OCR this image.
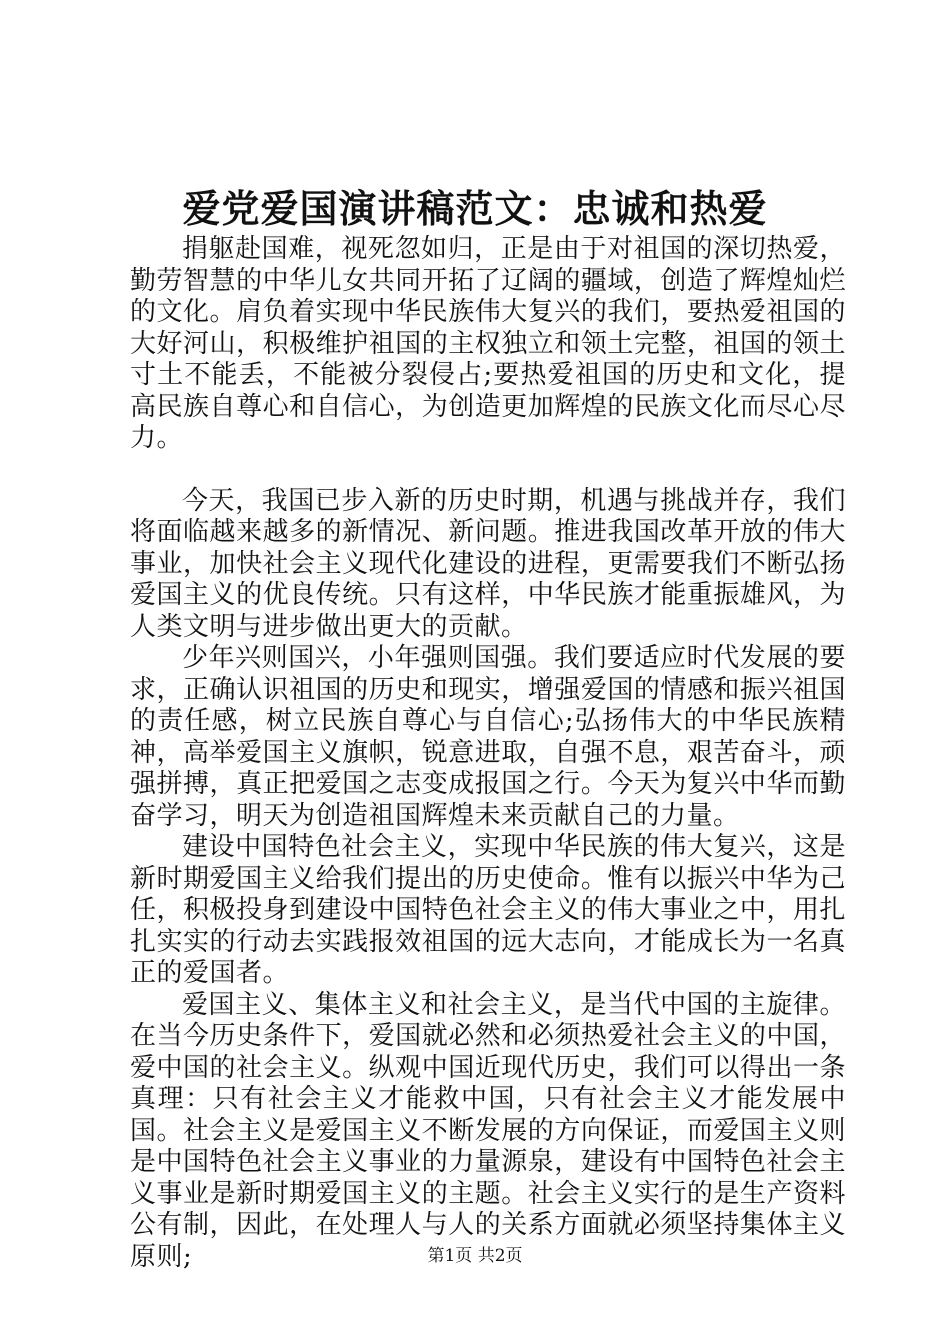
爱党爱国演讲稿范文：忠诚和热爱

捐躯赴国难，视死忽如归，正是由于对祖国的深切热爱，勤劳智慧的中华儿女共同开拓了辽阔的疆域，创造了辉煌灿烂的文化。肩负着实现中华民族伟大复兴的我们，要热爱祖国的大好河山，积极维护祖国的主权独立和领土完整，祖国的领土寸土不能丢，不能被分裂侵占;要热爱祖国的历史和文化，提高民族自尊心和自信心，为创造更加辉煌的民族文化而尽心尽力。

今天，我国已步入新的历史时期，机遇与挑战并存，我们将面临越来越多的新情况、新问题。推进我国改革开放的伟大事业，加快社会主义现代化建设的进程，更需要我们不断弘扬爱国主义的优良传统。只有这样，中华民族才能重振雄风，为人类文明与进步做出更大的贡献。

少年兴则国兴，小年强则国强。我们要适应时代发展的要求，正确认识祖国的历史和现实，增强爱国的情感和振兴祖国的责任感，树立民族自尊心与自信心;弘扬伟大的中华民族精神，高举爱国主义旗帜，锐意进取，自强不息，艰苦奋斗，顽强拼搏，真正把爱国之志变成报国之行。今天为复兴中华而勤奋学习，明天为创造祖国辉煌未来贡献自己的力量。

建设中国特色社会主义，实现中华民族的伟大复兴，这是新时期爱国主义给我们提出的历史使命。惟有以振兴中华为己任，积极投身到建设中国特色社会主义的伟大事业之中，用扎扎实实的行动去实践报效祖国的远大志向，才能成长为一名真正的爱国者。

爱国主义、集体主义和社会主义，是当代中国的主旋律。在当今历史条件下，爱国就必然和必须热爱社会主义的中国，爱中国的社会主义。纵观中国近现代历史，我们可以得出一条真理：只有社会主义才能救中国，只有社会主义才能发展中国。社会主义是爱国主义不断发展的方向保证，而爱国主义则是中国特色社会主义事业的力量源泉，建设有中国特色社会主义事业是新时期爱国主义的主题。社会主义实行的是生产资料公有制，因此，在处理人与人的关系方面就必须坚持集体主义原则;	第1页 共2页
